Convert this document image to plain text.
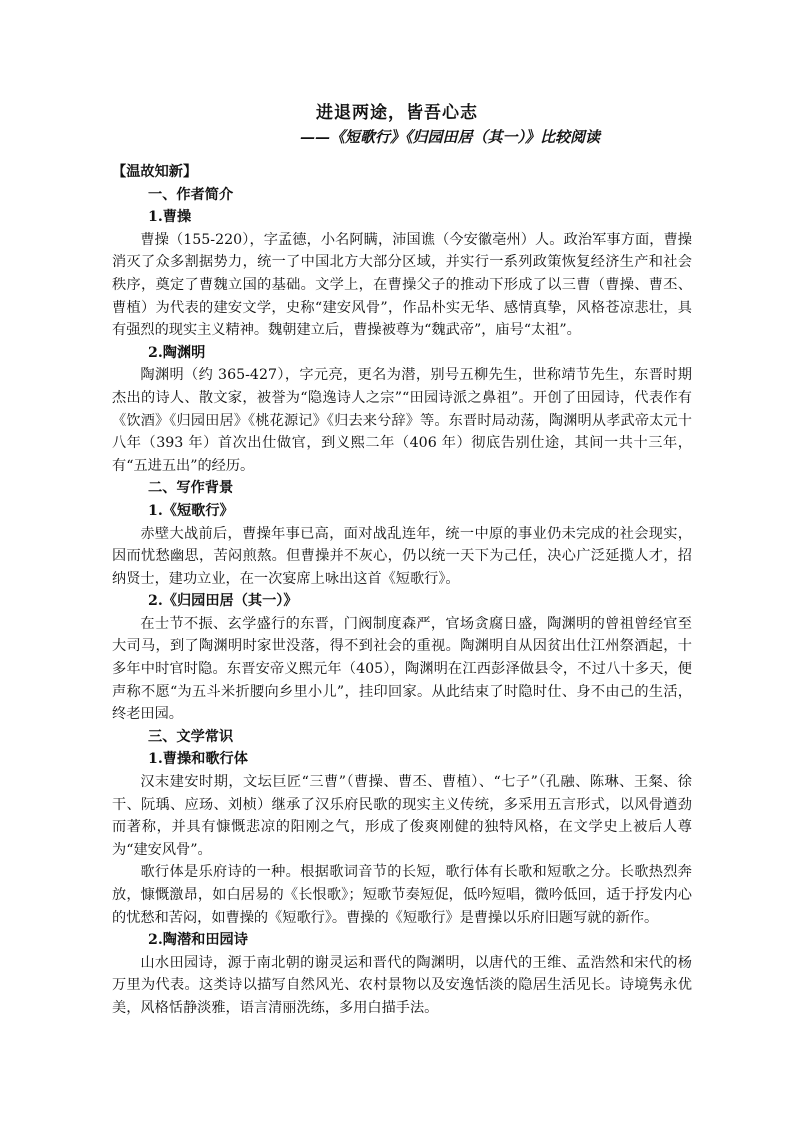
进退两途，皆吾心志
——《短歌行》《归园田居（其一）》比较阅读
【温故知新】
一、作者简介
1.曹操

曹操（155-220），字孟德，小名阿瞒，沛国谯（今安徽亳州）人。政治军事方面，曹操消灭了众多割据势力，统一了中国北方大部分区域，并实行一系列政策恢复经济生产和社会秩序，奠定了曹魏立国的基础。文学上，在曹操父子的推动下形成了以三曹（曹操、曹丕、曹植）为代表的建安文学，史称“建安风骨”，作品朴实无华、感情真挚，风格苍凉悲壮，具有强烈的现实主义精神。魏朝建立后，曹操被尊为“魏武帝”，庙号“太祖”。

2.陶渊明

陶渊明（约 365-427），字元亮，更名为潜，别号五柳先生，世称靖节先生，东晋时期杰出的诗人、散文家，被誉为“隐逸诗人之宗”“田园诗派之鼻祖”。开创了田园诗，代表作有《饮酒》《归园田居》《桃花源记》《归去来兮辞》等。东晋时局动荡，陶渊明从孝武帝太元十八年（393 年）首次出仕做官，到义熙二年（406 年）彻底告别仕途，其间一共十三年，有“五进五出”的经历。

二、写作背景
1.《短歌行》

赤壁大战前后，曹操年事已高，面对战乱连年，统一中原的事业仍未完成的社会现实，因而忧愁幽思，苦闷煎熬。但曹操并不灰心，仍以统一天下为己任，决心广泛延揽人才，招纳贤士，建功立业，在一次宴席上咏出这首《短歌行》。

2.《归园田居（其一）》

在士节不振、玄学盛行的东晋，门阀制度森严，官场贪腐日盛，陶渊明的曾祖曾经官至大司马，到了陶渊明时家世没落，得不到社会的重视。陶渊明自从因贫出仕江州祭酒起，十多年中时官时隐。东晋安帝义熙元年（405），陶渊明在江西彭泽做县令，不过八十多天，便声称不愿“为五斗米折腰向乡里小儿”，挂印回家。从此结束了时隐时仕、身不由己的生活，终老田园。

三、文学常识
1.曹操和歌行体

汉末建安时期，文坛巨匠“三曹”（曹操、曹丕、曹植）、“七子”（孔融、陈琳、王粲、徐干、阮瑀、应玚、刘桢）继承了汉乐府民歌的现实主义传统，多采用五言形式，以风骨遒劲而著称，并具有慷慨悲凉的阳刚之气，形成了俊爽刚健的独特风格，在文学史上被后人尊为“建安风骨”。

歌行体是乐府诗的一种。根据歌词音节的长短，歌行体有长歌和短歌之分。长歌热烈奔放，慷慨激昂，如白居易的《长恨歌》；短歌节奏短促，低吟短唱，微吟低回，适于抒发内心的忧愁和苦闷，如曹操的《短歌行》。曹操的《短歌行》是曹操以乐府旧题写就的新作。

2.陶潜和田园诗

山水田园诗，源于南北朝的谢灵运和晋代的陶渊明，以唐代的王维、孟浩然和宋代的杨万里为代表。这类诗以描写自然风光、农村景物以及安逸恬淡的隐居生活见长。诗境隽永优美，风格恬静淡雅，语言清丽洗练，多用白描手法。
